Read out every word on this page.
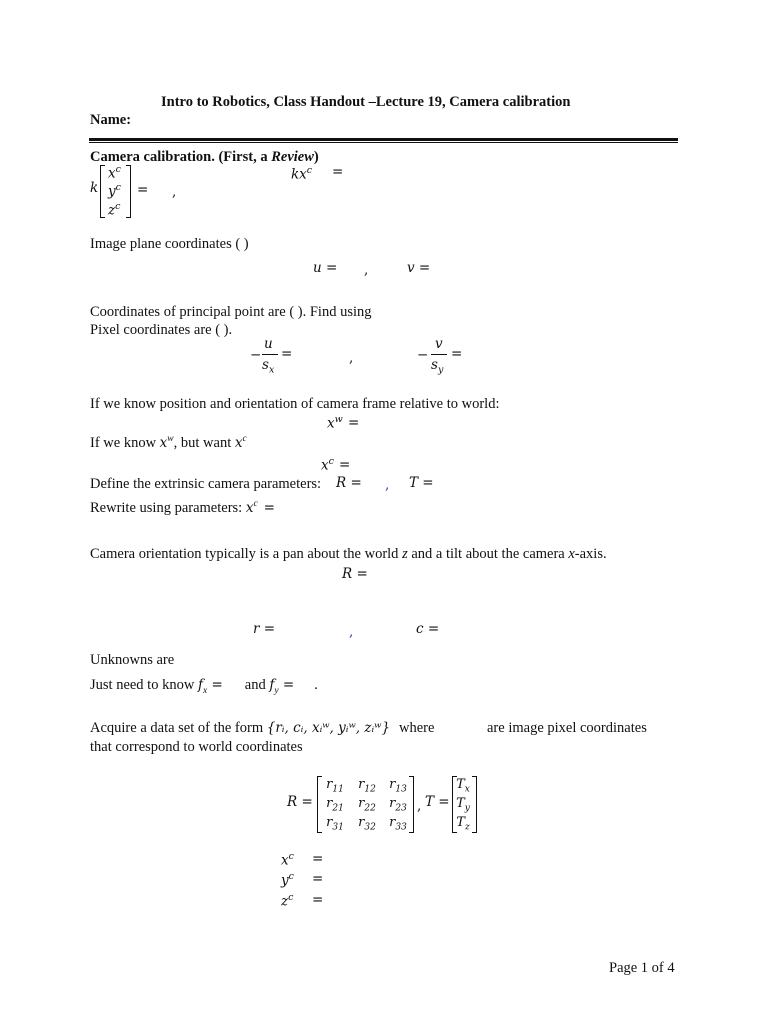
Intro to Robotics, Class Handout –Lecture 19, Camera calibration
Name:
Camera calibration. (First, a Review)
k
$x^c$
$y^c$
$z^c$
= ,
$kx^c$ =
Image plane coordinates ( )
u = ,	v =
Coordinates of principal point are ( ). Find using
Pixel coordinates are ( ).
−
u
$s_x$
=	,	−
v
$s_y$
=
If we know position and orientation of camera frame relative to world:
$x^w$ =
If we know $x^w$, but want $x^c$
$x^c$ =
Define the extrinsic camera parameters: R = , T =
Rewrite using parameters: $x^c$ =
Camera orientation typically is a pan about the world z and a tilt about the camera x-axis.
R =
r =	,	c =
Unknowns are
Just need to know $f_x$ = and $f_y$ = .
Acquire a data set of the form {rᵢ, cᵢ, xᵢʷ, yᵢʷ, zᵢʷ} where	are image pixel coordinates
that correspond to world coordinates
R =
$r_{11}$	$r_{12}$	$r_{13}$
$r_{21}$	$r_{22}$	$r_{23}$
$r_{31}$	$r_{32}$	$r_{33}$
, T =
$T_x$
$T_y$
$T_z$
$x^c$ =
$y^c$ =
$z^c$ =
Page 1 of 4
